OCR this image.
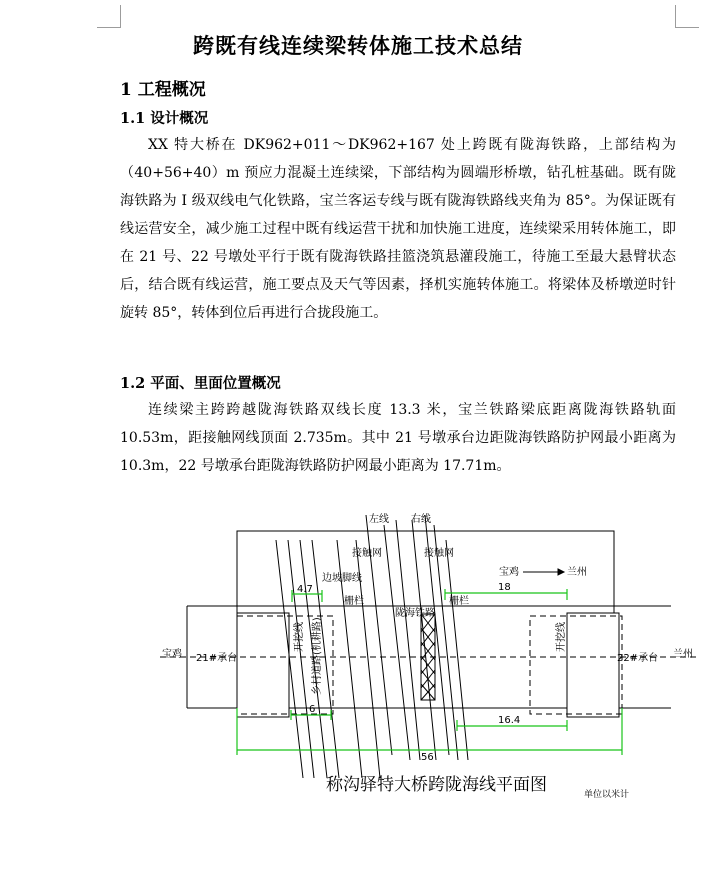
跨既有线连续梁转体施工技术总结
1 工程概况
1.1 设计概况

XX 特大桥在 DK962+011～DK962+167 处上跨既有陇海铁路，上部结构为（40+56+40）m 预应力混凝土连续梁，下部结构为圆端形桥墩，钻孔桩基础。既有陇海铁路为 I 级双线电气化铁路，宝兰客运专线与既有陇海铁路线夹角为 85°。为保证既有线运营安全，减少施工过程中既有线运营干扰和加快施工进度，连续梁采用转体施工，即在 21 号、22 号墩处平行于既有陇海铁路挂篮浇筑悬灌段施工，待施工至最大悬臂状态后，结合既有线运营，施工要点及天气等因素，择机实施转体施工。将梁体及桥墩逆时针旋转 85°，转体到位后再进行合拢段施工。

1.2 平面、里面位置概况

连续梁主跨跨越陇海铁路双线长度 13.3 米，宝兰铁路梁底距离陇海铁路轨面 10.53m，距接触网线顶面 2.735m。其中 21 号墩承台边距陇海铁路防护网最小距离为 10.3m，22 号墩承台距陇海铁路防护网最小距离为 17.71m。

左线 右线
接触网	接触网
宝鸡	兰州
边坡脚线
栅栏	栅栏
陇海铁路
21#承台	22#承台
宝鸡	兰州
4.7	18
6
16.4
56
开挖线	开挖线
乡村道路(机耕路)
称沟驿特大桥跨陇海线平面图	单位以米计
